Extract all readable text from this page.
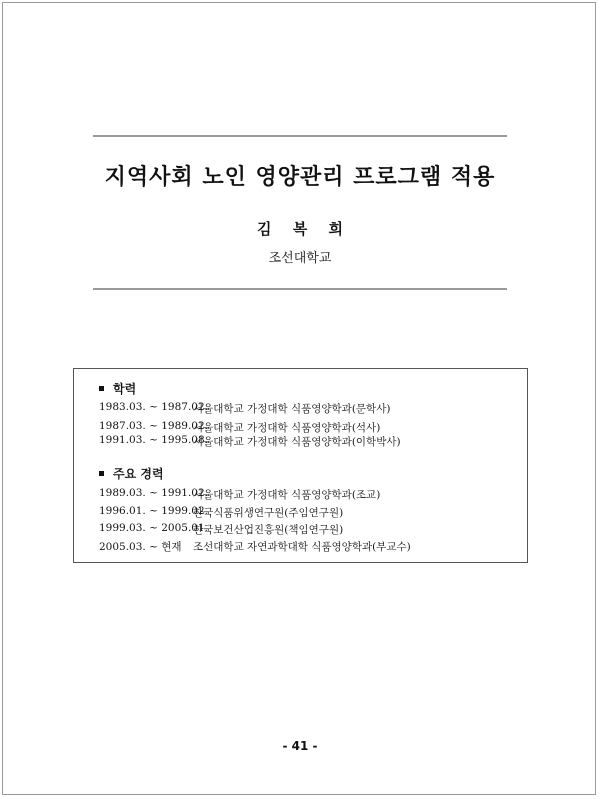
지역사회 노인 영양관리 프로그램 적용
김 복 희
조선대학교
학력
1983.03. ~ 1987.02.
서울대학교 가정대학 식품영양학과(문학사)
1987.03. ~ 1989.02.
서울대학교 가정대학 식품영양학과(석사)
1991.03. ~ 1995.08.
서울대학교 가정대학 식품영양학과(이학박사)
주요 경력
1989.03. ~ 1991.02.
서울대학교 가정대학 식품영양학과(조교)
1996.01. ~ 1999.02.
한국식품위생연구원(주임연구원)
1999.03. ~ 2005.01.
한국보건산업진흥원(책임연구원)
2005.03. ~ 현재	조선대학교 자연과학대학 식품영양학과(부교수)
- 41 -
